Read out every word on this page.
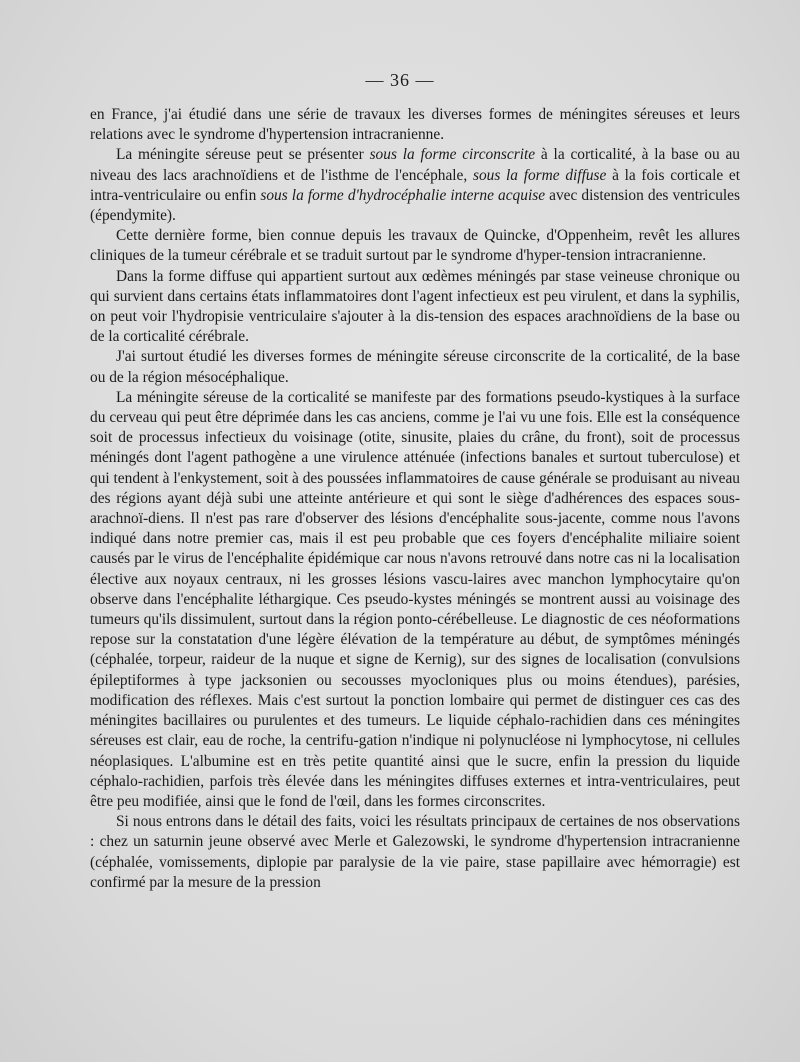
— 36 —

en France, j'ai étudié dans une série de travaux les diverses formes de méningites séreuses et leurs relations avec le syndrome d'hypertension intracranienne.

La méningite séreuse peut se présenter sous la forme circonscrite à la corticalité, à la base ou au niveau des lacs arachnoïdiens et de l'isthme de l'encéphale, sous la forme diffuse à la fois corticale et intra-ventriculaire ou enfin sous la forme d'hydrocéphalie interne acquise avec distension des ventricules (épendymite).

Cette dernière forme, bien connue depuis les travaux de Quincke, d'Oppenheim, revêt les allures cliniques de la tumeur cérébrale et se traduit surtout par le syndrome d'hyper-tension intracranienne.

Dans la forme diffuse qui appartient surtout aux œdèmes méningés par stase veineuse chronique ou qui survient dans certains états inflammatoires dont l'agent infectieux est peu virulent, et dans la syphilis, on peut voir l'hydropisie ventriculaire s'ajouter à la dis-tension des espaces arachnoïdiens de la base ou de la corticalité cérébrale.

J'ai surtout étudié les diverses formes de méningite séreuse circonscrite de la corticalité, de la base ou de la région mésocéphalique.

La méningite séreuse de la corticalité se manifeste par des formations pseudo-kystiques à la surface du cerveau qui peut être déprimée dans les cas anciens, comme je l'ai vu une fois. Elle est la conséquence soit de processus infectieux du voisinage (otite, sinusite, plaies du crâne, du front), soit de processus méningés dont l'agent pathogène a une virulence atténuée (infections banales et surtout tuberculose) et qui tendent à l'enkystement, soit à des poussées inflammatoires de cause générale se produisant au niveau des régions ayant déjà subi une atteinte antérieure et qui sont le siège d'adhérences des espaces sous-arachnoï-diens. Il n'est pas rare d'observer des lésions d'encéphalite sous-jacente, comme nous l'avons indiqué dans notre premier cas, mais il est peu probable que ces foyers d'encéphalite miliaire soient causés par le virus de l'encéphalite épidémique car nous n'avons retrouvé dans notre cas ni la localisation élective aux noyaux centraux, ni les grosses lésions vascu-laires avec manchon lymphocytaire qu'on observe dans l'encéphalite léthargique. Ces pseudo-kystes méningés se montrent aussi au voisinage des tumeurs qu'ils dissimulent, surtout dans la région ponto-cérébelleuse. Le diagnostic de ces néoformations repose sur la constatation d'une légère élévation de la température au début, de symptômes méningés (céphalée, torpeur, raideur de la nuque et signe de Kernig), sur des signes de localisation (convulsions épileptiformes à type jacksonien ou secousses myocloniques plus ou moins étendues), parésies, modification des réflexes. Mais c'est surtout la ponction lombaire qui permet de distinguer ces cas des méningites bacillaires ou purulentes et des tumeurs. Le liquide céphalo-rachidien dans ces méningites séreuses est clair, eau de roche, la centrifu-gation n'indique ni polynucléose ni lymphocytose, ni cellules néoplasiques. L'albumine est en très petite quantité ainsi que le sucre, enfin la pression du liquide céphalo-rachidien, parfois très élevée dans les méningites diffuses externes et intra-ventriculaires, peut être peu modifiée, ainsi que le fond de l'œil, dans les formes circonscrites.

Si nous entrons dans le détail des faits, voici les résultats principaux de certaines de nos observations : chez un saturnin jeune observé avec Merle et Galezowski, le syndrome d'hypertension intracranienne (céphalée, vomissements, diplopie par paralysie de la vie paire, stase papillaire avec hémorragie) est confirmé par la mesure de la pression
